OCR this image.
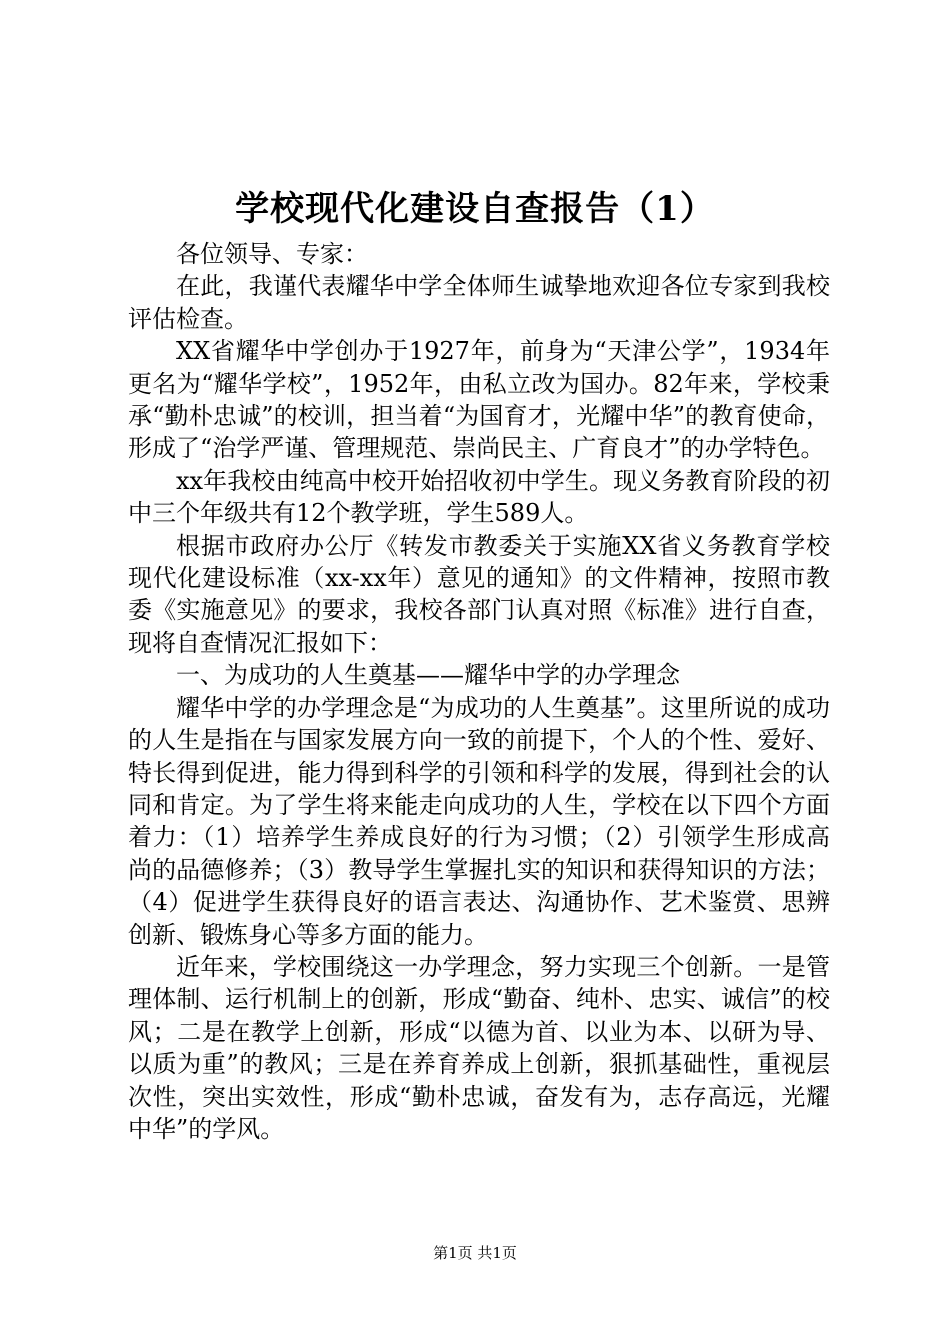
学校现代化建设自查报告（1）

各位领导、专家：

在此，我谨代表耀华中学全体师生诚挚地欢迎各位专家到我校评估检查。

XX省耀华中学创办于1927年，前身为“天津公学”，1934年更名为“耀华学校”，1952年，由私立改为国办。82年来，学校秉承“勤朴忠诚”的校训，担当着“为国育才，光耀中华”的教育使命，形成了“治学严谨、管理规范、崇尚民主、广育良才”的办学特色。

xx年我校由纯高中校开始招收初中学生。现义务教育阶段的初中三个年级共有12个教学班，学生589人。

根据市政府办公厅《转发市教委关于实施XX省义务教育学校现代化建设标准（xx-xx年）意见的通知》的文件精神，按照市教委《实施意见》的要求，我校各部门认真对照《标准》进行自查，现将自查情况汇报如下：

一、为成功的人生奠基——耀华中学的办学理念

耀华中学的办学理念是“为成功的人生奠基”。这里所说的成功的人生是指在与国家发展方向一致的前提下，个人的个性、爱好、特长得到促进，能力得到科学的引领和科学的发展，得到社会的认同和肯定。为了学生将来能走向成功的人生，学校在以下四个方面着力：（1）培养学生养成良好的行为习惯；（2）引领学生形成高尚的品德修养；（3）教导学生掌握扎实的知识和获得知识的方法；（4）促进学生获得良好的语言表达、沟通协作、艺术鉴赏、思辨创新、锻炼身心等多方面的能力。

近年来，学校围绕这一办学理念，努力实现三个创新。一是管理体制、运行机制上的创新，形成“勤奋、纯朴、忠实、诚信”的校风；二是在教学上创新，形成“以德为首、以业为本、以研为导、以质为重”的教风；三是在养育养成上创新，狠抓基础性，重视层次性，突出实效性，形成“勤朴忠诚，奋发有为，志存高远，光耀中华”的学风。

第1页 共1页
